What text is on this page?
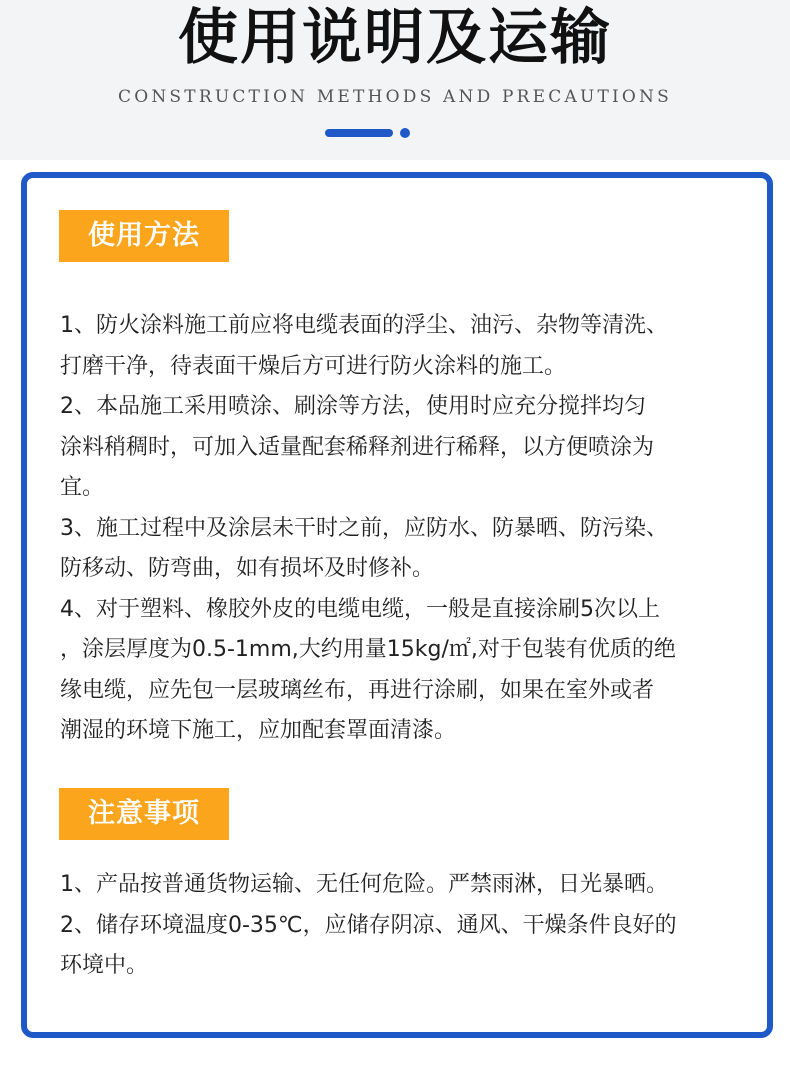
使用说明及运输
CONSTRUCTION METHODS AND PRECAUTIONS
使用方法

1、防火涂料施工前应将电缆表面的浮尘、油污、杂物等清洗、

打磨干净，待表面干燥后方可进行防火涂料的施工。

2、本品施工采用喷涂、刷涂等方法，使用时应充分搅拌均匀

涂料稍稠时，可加入适量配套稀释剂进行稀释，以方便喷涂为

宜。

3、施工过程中及涂层未干时之前，应防水、防暴晒、防污染、

防移动、防弯曲，如有损坏及时修补。

4、对于塑料、橡胶外皮的电缆电缆，一般是直接涂刷5次以上

，涂层厚度为0.5-1mm,大约用量15kg/㎡,对于包装有优质的绝

缘电缆，应先包一层玻璃丝布，再进行涂刷，如果在室外或者

潮湿的环境下施工，应加配套罩面清漆。

注意事项

1、产品按普通货物运输、无任何危险。严禁雨淋，日光暴晒。

2、储存环境温度0-35℃，应储存阴凉、通风、干燥条件良好的

环境中。
